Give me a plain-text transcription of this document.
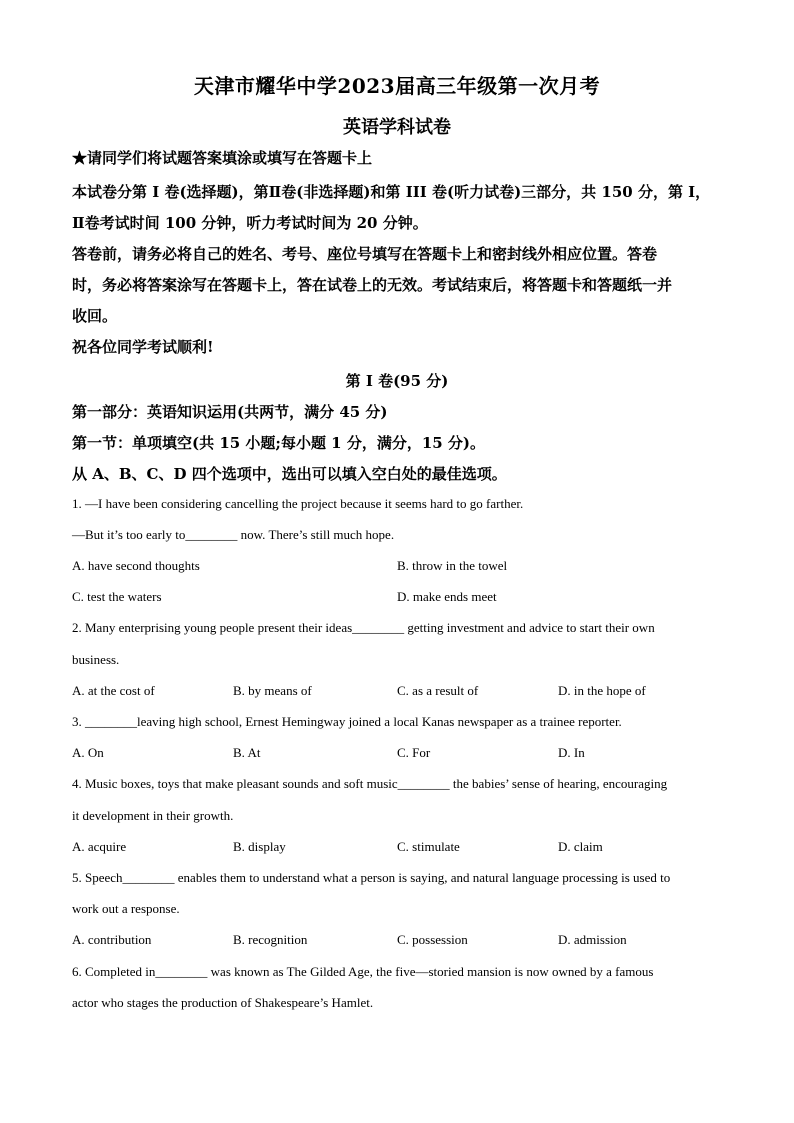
天津市耀华中学2023届高三年级第一次月考
英语学科试卷
★请同学们将试题答案填涂或填写在答题卡上
本试卷分第 I 卷(选择题)，第Ⅱ卷(非选择题)和第 III 卷(听力试卷)三部分，共 150 分，第 I，
Ⅱ卷考试时间 100 分钟，听力考试时间为 20 分钟。
答卷前，请务必将自己的姓名、考号、座位号填写在答题卡上和密封线外相应位置。答卷
时，务必将答案涂写在答题卡上，答在试卷上的无效。考试结束后，将答题卡和答题纸一并
收回。
祝各位同学考试顺利!
第 I 卷(95 分)
第一部分：英语知识运用(共两节，满分 45 分)
第一节：单项填空(共 15 小题;每小题 1 分，满分，15 分)。
从 A、B、C、D 四个选项中，选出可以填入空白处的最佳选项。
1. —I have been considering cancelling the project because it seems hard to go farther.
—But it’s too early to________ now. There’s still much hope.
A. have second thoughts	B. throw in the towel
C. test the waters	D. make ends meet
2. Many enterprising young people present their ideas________ getting investment and advice to start their own
business.
A. at the cost of	B. by means of	C. as a result of	D. in the hope of
3. ________leaving high school, Ernest Hemingway joined a local Kanas newspaper as a trainee reporter.
A. On	B. At	C. For	D. In
4. Music boxes, toys that make pleasant sounds and soft music________ the babies’ sense of hearing, encouraging
it development in their growth.
A. acquire	B. display	C. stimulate	D. claim
5. Speech________ enables them to understand what a person is saying, and natural language processing is used to
work out a response.
A. contribution	B. recognition	C. possession	D. admission
6. Completed in________ was known as The Gilded Age, the five—storied mansion is now owned by a famous
actor who stages the production of Shakespeare’s Hamlet.
